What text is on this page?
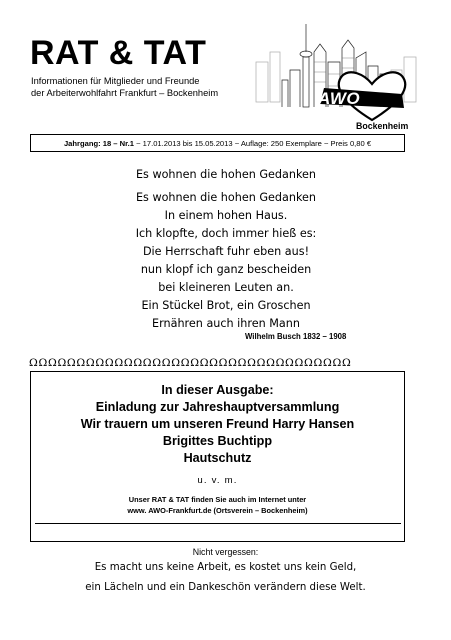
RAT & TAT
Informationen für Mitglieder und Freunde
der Arbeiterwohlfahrt Frankfurt – Bockenheim	AWO
Bockenheim
Jahrgang: 18 – Nr.1 ~ 17.01.2013 bis 15.05.2013 ~ Auflage: 250 Exemplare ~ Preis 0,80 €
Es wohnen die hohen Gedanken
Es wohnen die hohen Gedanken
In einem hohen Haus.
Ich klopfte, doch immer hieß es:
Die Herrschaft fuhr eben aus!
nun klopf ich ganz bescheiden
bei kleineren Leuten an.
Ein Stückel Brot, ein Groschen
Ernähren auch ihren Mann
Wilhelm Busch 1832 – 1908
ΩΩΩΩΩΩΩΩΩΩΩΩΩΩΩΩΩΩΩΩΩΩΩΩΩΩΩΩΩΩΩΩΩΩ
In dieser Ausgabe:
Einladung zur Jahreshauptversammlung
Wir trauern um unseren Freund Harry Hansen
Brigittes Buchtipp
Hautschutz
u. v. m.
Unser RAT & TAT finden Sie auch im Internet unter
www. AWO-Frankfurt.de (Ortsverein – Bockenheim)
Nicht vergessen:
Es macht uns keine Arbeit, es kostet uns kein Geld,
ein Lächeln und ein Dankeschön verändern diese Welt.
